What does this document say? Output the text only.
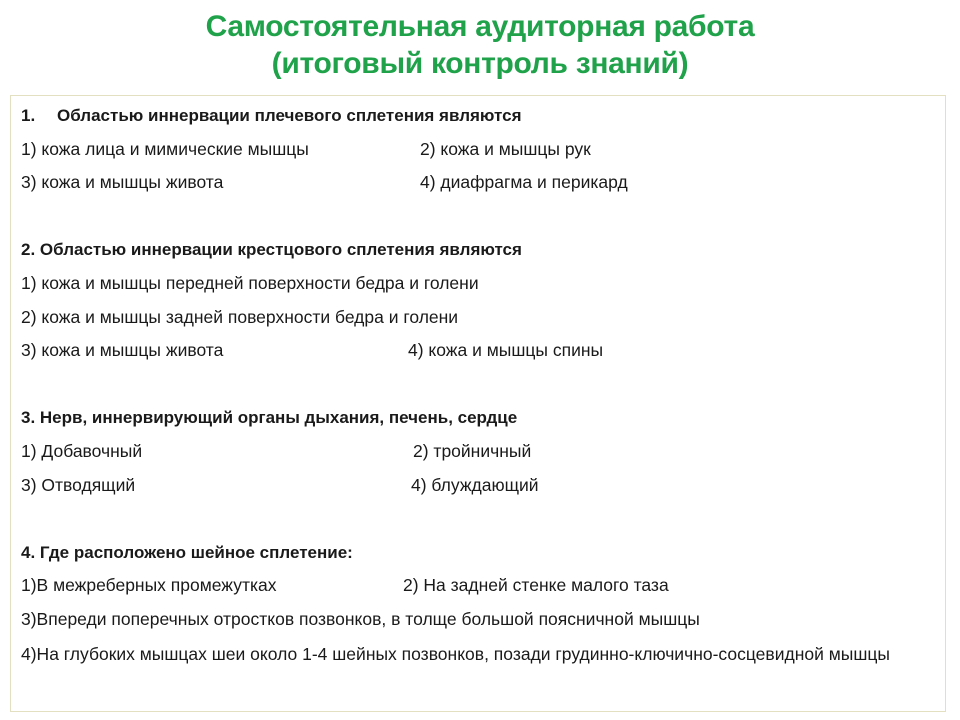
Самостоятельная аудиторная работа
(итоговый контроль знаний)
1. Областью иннервации плечевого сплетения являются
1) кожа лица и мимические мышцы	2) кожа и мышцы рук
3) кожа и мышцы живота	4) диафрагма и перикард
2. Областью иннервации крестцового сплетения являются
1) кожа и мышцы передней поверхности бедра и голени
2) кожа и мышцы задней поверхности бедра и голени
3) кожа и мышцы живота	4) кожа и мышцы спины
3. Нерв, иннервирующий органы дыхания, печень, сердце
1) Добавочный	2) тройничный
3) Отводящий	4) блуждающий
4. Где расположено шейное сплетение:
1)В межреберных промежутках	2) На задней стенке малого таза
3)Впереди поперечных отростков позвонков, в толще большой поясничной мышцы
4)На глубоких мышцах шеи около 1-4 шейных позвонков, позади грудинно-ключично-сосцевидной мышцы
